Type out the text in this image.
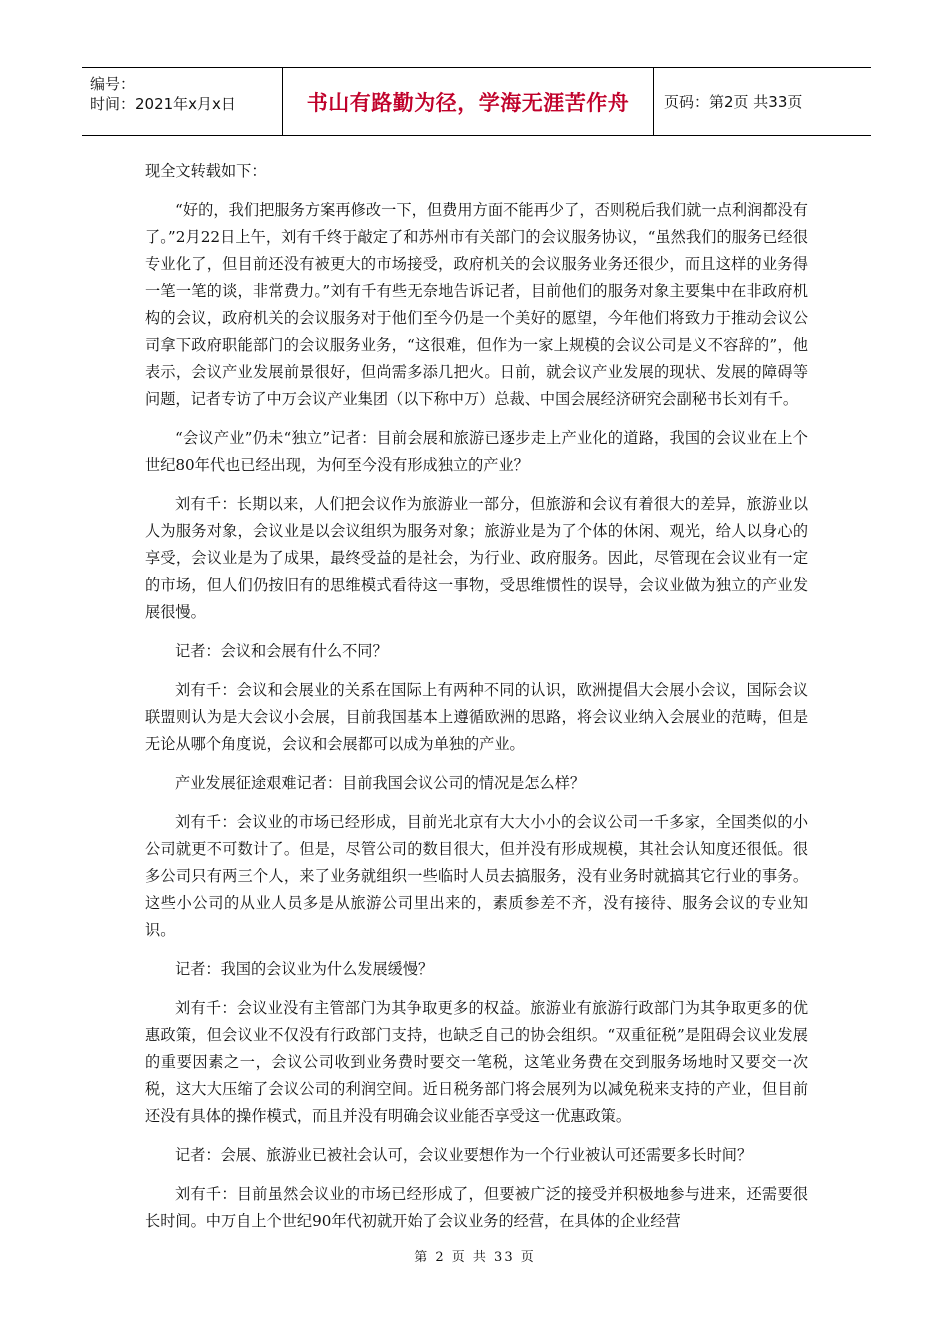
编号：
时间：2021年x月x日	书山有路勤为径，学海无涯苦作舟	页码：第2页 共33页

现全文转载如下：

“好的，我们把服务方案再修改一下，但费用方面不能再少了，否则税后我们就一点利润都没有了。”2月22日上午，刘有千终于敲定了和苏州市有关部门的会议服务协议，“虽然我们的服务已经很专业化了，但目前还没有被更大的市场接受，政府机关的会议服务业务还很少，而且这样的业务得一笔一笔的谈，非常费力。”刘有千有些无奈地告诉记者，目前他们的服务对象主要集中在非政府机构的会议，政府机关的会议服务对于他们至今仍是一个美好的愿望，今年他们将致力于推动会议公司拿下政府职能部门的会议服务业务，“这很难，但作为一家上规模的会议公司是义不容辞的”，他表示，会议产业发展前景很好，但尚需多添几把火。日前，就会议产业发展的现状、发展的障碍等问题，记者专访了中万会议产业集团（以下称中万）总裁、中国会展经济研究会副秘书长刘有千。

“会议产业”仍未“独立”记者：目前会展和旅游已逐步走上产业化的道路，我国的会议业在上个世纪80年代也已经出现，为何至今没有形成独立的产业？

刘有千：长期以来，人们把会议作为旅游业一部分，但旅游和会议有着很大的差异，旅游业以人为服务对象，会议业是以会议组织为服务对象；旅游业是为了个体的休闲、观光，给人以身心的享受，会议业是为了成果，最终受益的是社会，为行业、政府服务。因此，尽管现在会议业有一定的市场，但人们仍按旧有的思维模式看待这一事物，受思维惯性的误导，会议业做为独立的产业发展很慢。

记者：会议和会展有什么不同？

刘有千：会议和会展业的关系在国际上有两种不同的认识，欧洲提倡大会展小会议，国际会议联盟则认为是大会议小会展，目前我国基本上遵循欧洲的思路，将会议业纳入会展业的范畴，但是无论从哪个角度说，会议和会展都可以成为单独的产业。

产业发展征途艰难记者：目前我国会议公司的情况是怎么样？

刘有千：会议业的市场已经形成，目前光北京有大大小小的会议公司一千多家，全国类似的小公司就更不可数计了。但是，尽管公司的数目很大，但并没有形成规模，其社会认知度还很低。很多公司只有两三个人，来了业务就组织一些临时人员去搞服务，没有业务时就搞其它行业的事务。这些小公司的从业人员多是从旅游公司里出来的，素质参差不齐，没有接待、服务会议的专业知识。

记者：我国的会议业为什么发展缓慢？

刘有千：会议业没有主管部门为其争取更多的权益。旅游业有旅游行政部门为其争取更多的优惠政策，但会议业不仅没有行政部门支持，也缺乏自己的协会组织。“双重征税”是阻碍会议业发展的重要因素之一，会议公司收到业务费时要交一笔税，这笔业务费在交到服务场地时又要交一次税，这大大压缩了会议公司的利润空间。近日税务部门将会展列为以减免税来支持的产业，但目前还没有具体的操作模式，而且并没有明确会议业能否享受这一优惠政策。

记者：会展、旅游业已被社会认可，会议业要想作为一个行业被认可还需要多长时间？

刘有千：目前虽然会议业的市场已经形成了，但要被广泛的接受并积极地参与进来，还需要很长时间。中万自上个世纪90年代初就开始了会议业务的经营，在具体的企业经营

第 2 页 共 33 页
